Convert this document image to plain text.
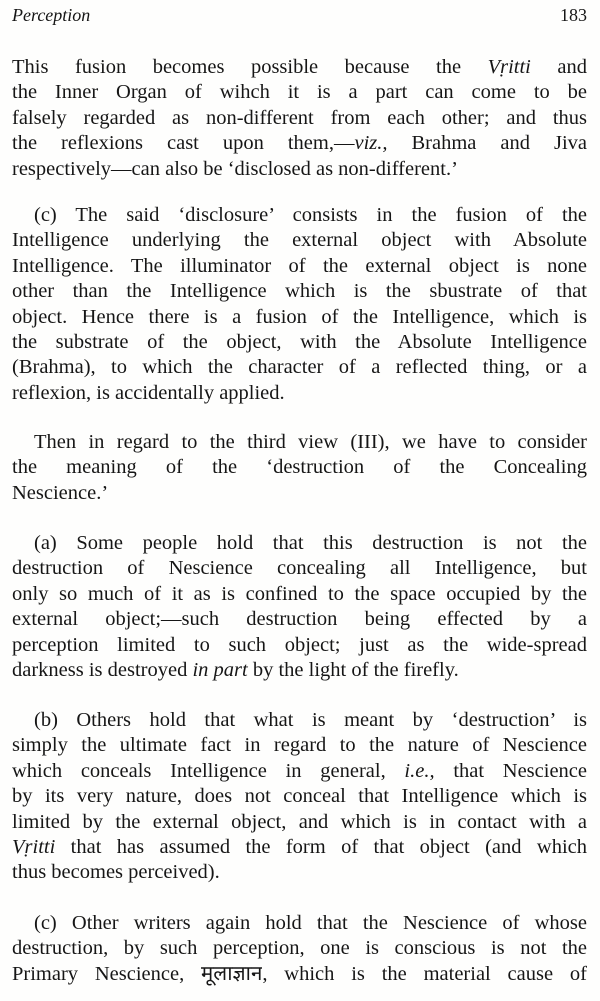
Perception	183
This fusion becomes possible because the Vṛitti and
the Inner Organ of wihch it is a part can come to be
falsely regarded as non-different from each other; and thus
the reflexions cast upon them,—viz., Brahma and Jiva
respectively—can also be ‘disclosed as non-different.’
(c) The said ‘disclosure’ consists in the fusion of the
Intelligence underlying the external object with Absolute
Intelligence. The illuminator of the external object is none
other than the Intelligence which is the sbustrate of that
object. Hence there is a fusion of the Intelligence, which is
the substrate of the object, with the Absolute Intelligence
(Brahma), to which the character of a reflected thing, or a
reflexion, is accidentally applied.
Then in regard to the third view (III), we have to consider
the meaning of the ‘destruction of the Concealing
Nescience.’
(a) Some people hold that this destruction is not the
destruction of Nescience concealing all Intelligence, but
only so much of it as is confined to the space occupied by the
external object;—such destruction being effected by a
perception limited to such object; just as the wide-spread
darkness is destroyed in part by the light of the firefly.
(b) Others hold that what is meant by ‘destruction’ is
simply the ultimate fact in regard to the nature of Nescience
which conceals Intelligence in general, i.e., that Nescience
by its very nature, does not conceal that Intelligence which is
limited by the external object, and which is in contact with a
Vṛitti that has assumed the form of that object (and which
thus becomes perceived).
(c) Other writers again hold that the Nescience of whose
destruction, by such perception, one is conscious is not the
Primary Nescience, मूलाज्ञान, which is the material cause of
